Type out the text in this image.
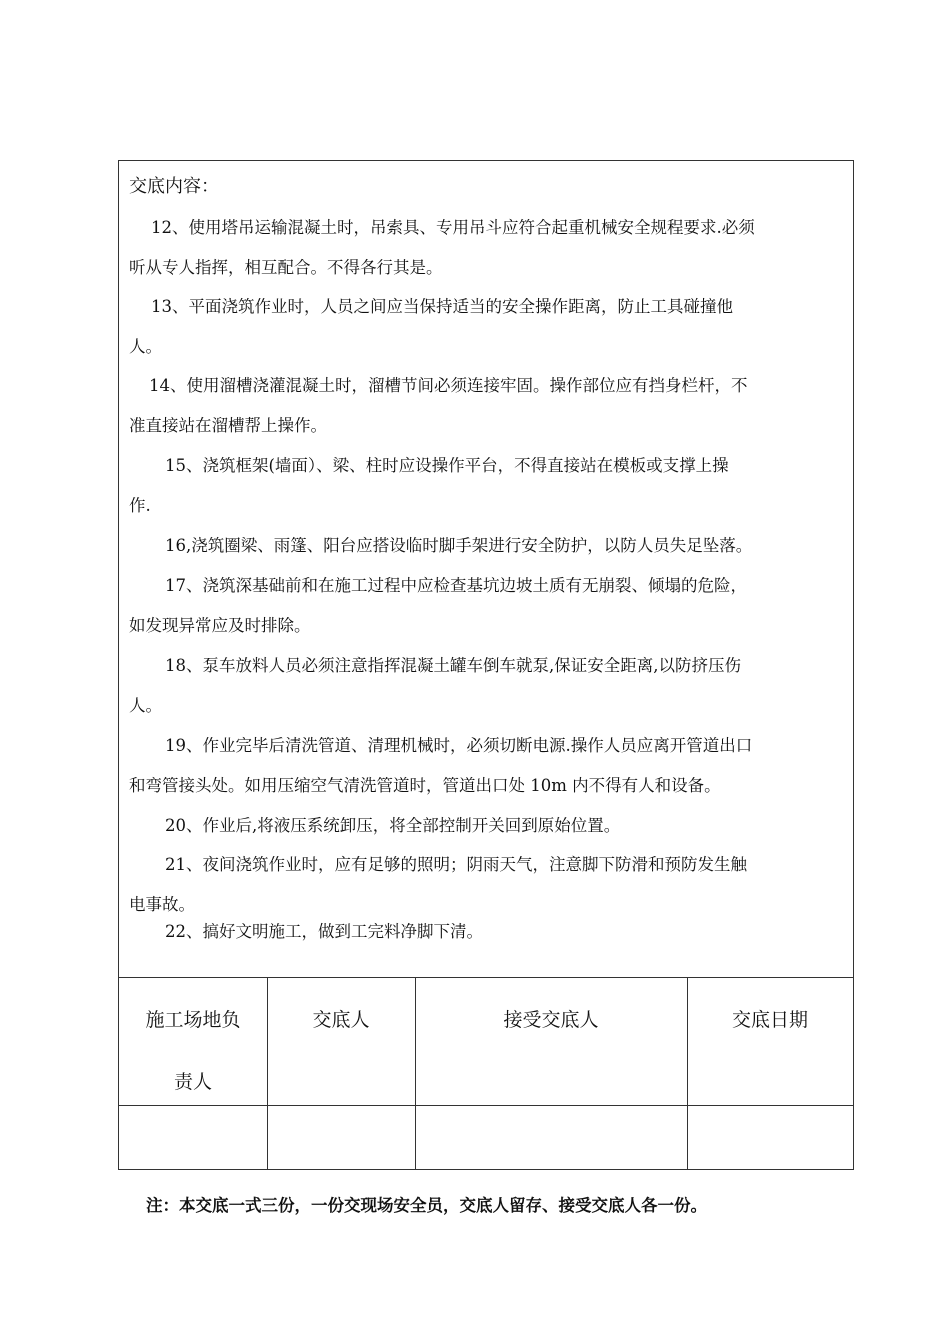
交底内容：
12、使用塔吊运输混凝土时，吊索具、专用吊斗应符合起重机械安全规程要求.必须
听从专人指挥，相互配合。不得各行其是。
13、平面浇筑作业时，人员之间应当保持适当的安全操作距离，防止工具碰撞他
人。
14、使用溜槽浇灌混凝土时，溜槽节间必须连接牢固。操作部位应有挡身栏杆，不
准直接站在溜槽帮上操作。
15、浇筑框架(墙面）、梁、柱时应设操作平台，不得直接站在模板或支撑上操
作.
16,浇筑圈梁、雨篷、阳台应搭设临时脚手架进行安全防护，以防人员失足坠落。
17、浇筑深基础前和在施工过程中应检查基坑边坡土质有无崩裂、倾塌的危险，
如发现异常应及时排除。
18、泵车放料人员必须注意指挥混凝土罐车倒车就泵,保证安全距离,以防挤压伤
人。
19、作业完毕后清洗管道、清理机械时，必须切断电源.操作人员应离开管道出口
和弯管接头处。如用压缩空气清洗管道时，管道出口处 10m 内不得有人和设备。
20、作业后,将液压系统卸压，将全部控制开关回到原始位置。
21、夜间浇筑作业时，应有足够的照明；阴雨天气，注意脚下防滑和预防发生触
电事故。
22、搞好文明施工，做到工完料净脚下清。
施工场地负
责人
交底人	接受交底人	交底日期
注：本交底一式三份，一份交现场安全员，交底人留存、接受交底人各一份。
